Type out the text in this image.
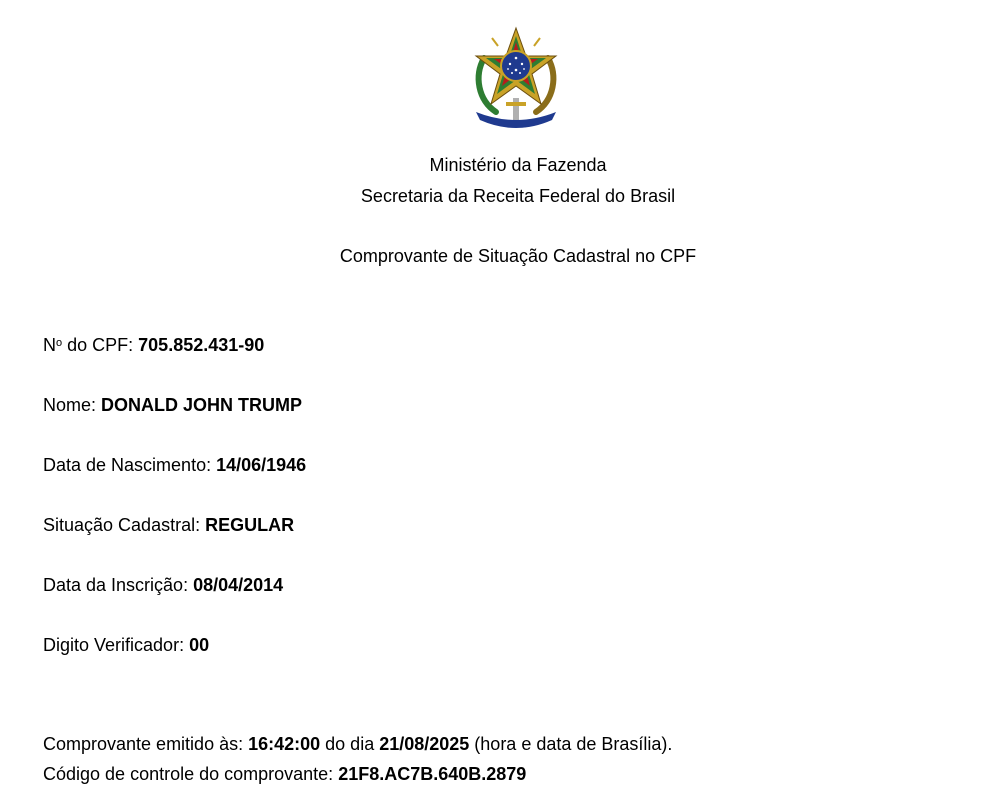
Ministério da Fazenda
Secretaria da Receita Federal do Brasil
Comprovante de Situação Cadastral no CPF
$N^o$ do CPF: 705.852.431-90
Nome: DONALD JOHN TRUMP
Data de Nascimento: 14/06/1946
Situação Cadastral: REGULAR
Data da Inscrição: 08/04/2014
Digito Verificador: 00
Comprovante emitido às: 16:42:00 do dia 21/08/2025 (hora e data de Brasília).
Código de controle do comprovante: 21F8.AC7B.640B.2879
